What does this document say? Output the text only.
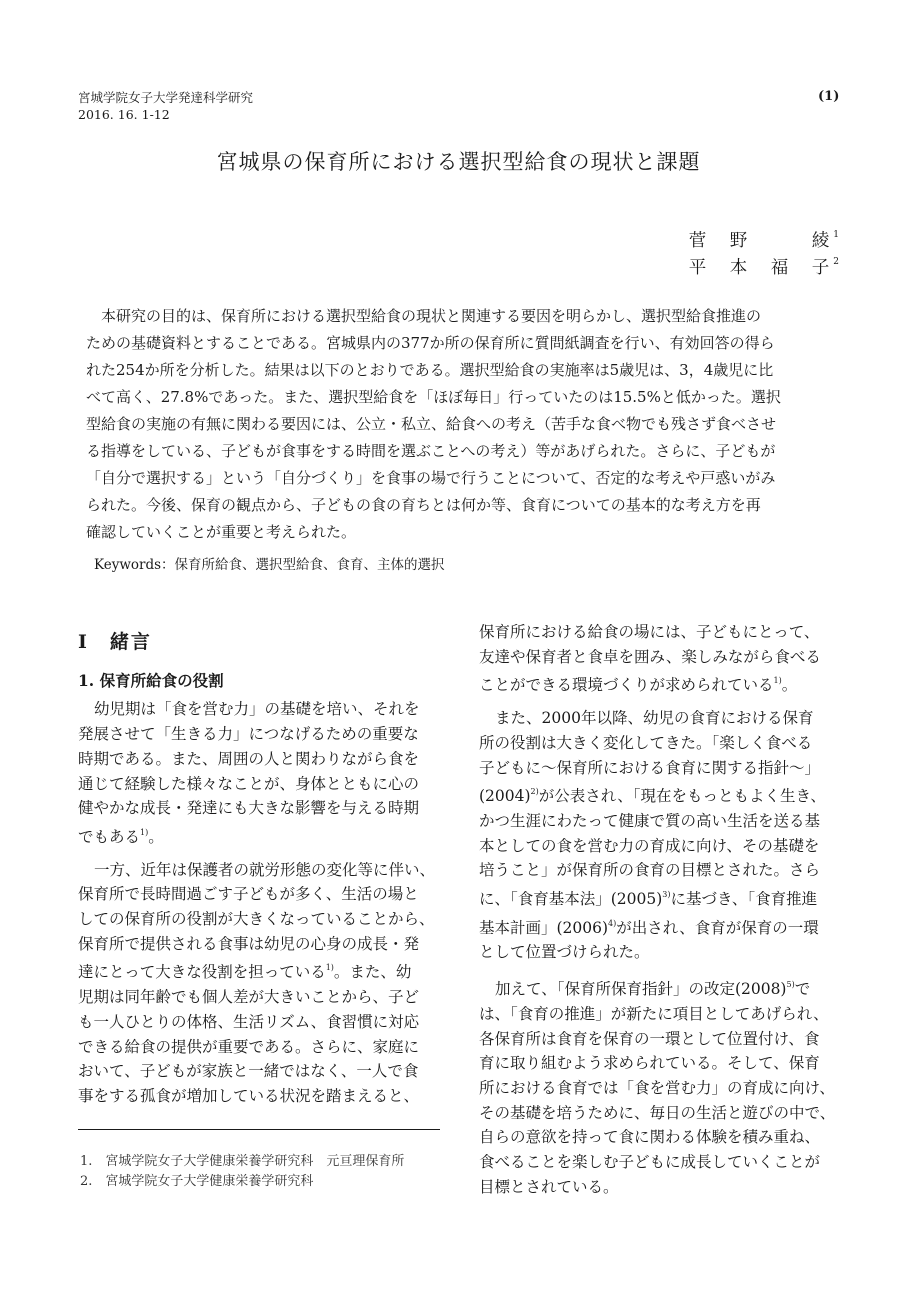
宮城学院女子大学発達科学研究
2016. 16. 1-12
(1)
宮城県の保育所における選択型給食の現状と課題
菅　野　　　綾$^1$
平　本　福　子$^2$
　本研究の目的は、保育所における選択型給食の現状と関連する要因を明らかし、選択型給食推進の
ための基礎資料とすることである。宮城県内の377か所の保育所に質問紙調査を行い、有効回答の得ら
れた254か所を分析した。結果は以下のとおりである。選択型給食の実施率は5歳児は、3，4歳児に比
べて高く、27.8%であった。また、選択型給食を「ほぼ毎日」行っていたのは15.5%と低かった。選択
型給食の実施の有無に関わる要因には、公立・私立、給食への考え（苦手な食べ物でも残さず食べさせ
る指導をしている、子どもが食事をする時間を選ぶことへの考え）等があげられた。さらに、子どもが
「自分で選択する」という「自分づくり」を食事の場で行うことについて、否定的な考えや戸惑いがみ
られた。今後、保育の観点から、子どもの食の育ちとは何か等、食育についての基本的な考え方を再
確認していくことが重要と考えられた。
Keywords：保育所給食、選択型給食、食育、主体的選択
Ⅰ　緒言
1. 保育所給食の役割
幼児期は「食を営む力」の基礎を培い、それを
発展させて「生きる力」につなげるための重要な
時期である。また、周囲の人と関わりながら食を
通じて経験した様々なことが、身体とともに心の
健やかな成長・発達にも大きな影響を与える時期
でもある$^{1)}$。
一方、近年は保護者の就労形態の変化等に伴い、
保育所で長時間過ごす子どもが多く、生活の場と
しての保育所の役割が大きくなっていることから、
保育所で提供される食事は幼児の心身の成長・発
達にとって大きな役割を担っている$^{1)}$。また、幼
児期は同年齢でも個人差が大きいことから、子ど
も一人ひとりの体格、生活リズム、食習慣に対応
できる給食の提供が重要である。さらに、家庭に
おいて、子どもが家族と一緒ではなく、一人で食
事をする孤食が増加している状況を踏まえると、
保育所における給食の場には、子どもにとって、
友達や保育者と食卓を囲み、楽しみながら食べる
ことができる環境づくりが求められている$^{1)}$。
また、2000年以降、幼児の食育における保育
所の役割は大きく変化してきた。「楽しく食べる
子どもに～保育所における食育に関する指針～」
$(2004)^{2)}$が公表され、「現在をもっともよく生き、
かつ生涯にわたって健康で質の高い生活を送る基
本としての食を営む力の育成に向け、その基礎を
培うこと」が保育所の食育の目標とされた。さら
に、「食育基本法」$(2005)^{3)}$に基づき、「食育推進
基本計画」$(2006)^{4)}$が出され、食育が保育の一環
として位置づけられた。
加えて、「保育所保育指針」の改定$(2008)^{5)}$で
は、「食育の推進」が新たに項目としてあげられ、
各保育所は食育を保育の一環として位置付け、食
育に取り組むよう求められている。そして、保育
所における食育では「食を営む力」の育成に向け、
その基礎を培うために、毎日の生活と遊びの中で、
自らの意欲を持って食に関わる体験を積み重ね、
食べることを楽しむ子どもに成長していくことが
目標とされている。
1.　宮城学院女子大学健康栄養学研究科　元亘理保育所
2.　宮城学院女子大学健康栄養学研究科
